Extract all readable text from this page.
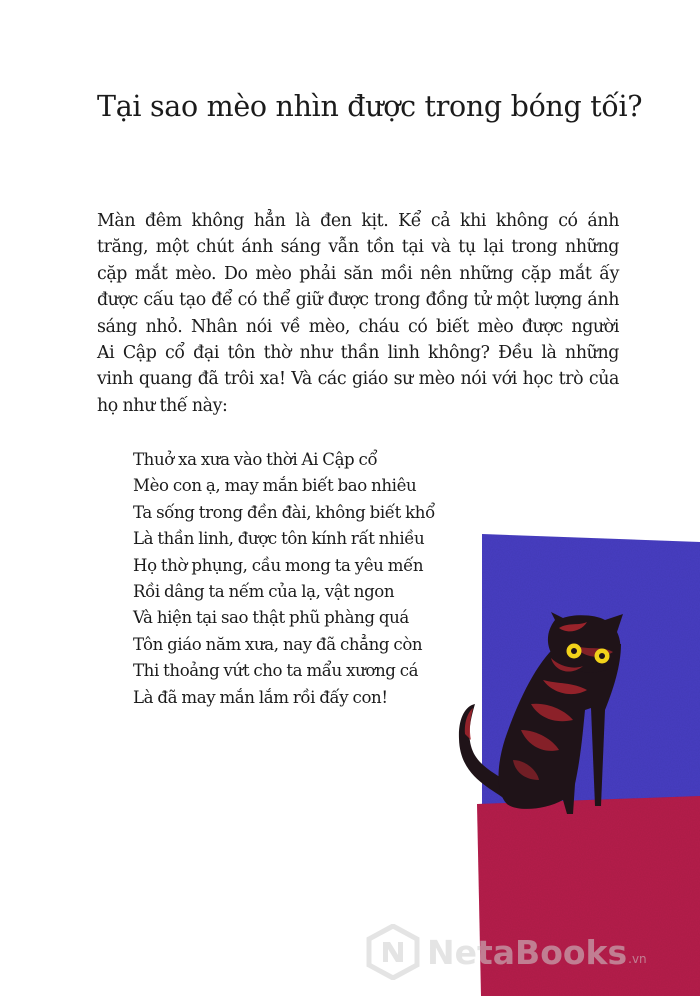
Tại sao mèo nhìn được trong bóng tối?
Màn đêm không hẳn là đen kịt. Kể cả khi không có ánh
trăng, một chút ánh sáng vẫn tồn tại và tụ lại trong những
cặp mắt mèo. Do mèo phải săn mồi nên những cặp mắt ấy
được cấu tạo để có thể giữ được trong đồng tử một lượng ánh
sáng nhỏ. Nhân nói về mèo, cháu có biết mèo được người
Ai Cập cổ đại tôn thờ như thần linh không? Đều là những
vinh quang đã trôi xa! Và các giáo sư mèo nói với học trò của
họ như thế này:
Thuở xa xưa vào thời Ai Cập cổ
Mèo con ạ, may mắn biết bao nhiêu
Ta sống trong đền đài, không biết khổ
Là thần linh, được tôn kính rất nhiều
Họ thờ phụng, cầu mong ta yêu mến
Rồi dâng ta nếm của lạ, vật ngon
Và hiện tại sao thật phũ phàng quá
Tôn giáo năm xưa, nay đã chẳng còn
Thi thoảng vứt cho ta mẩu xương cá
Là đã may mắn lắm rồi đấy con!
NetaBooks .vn
